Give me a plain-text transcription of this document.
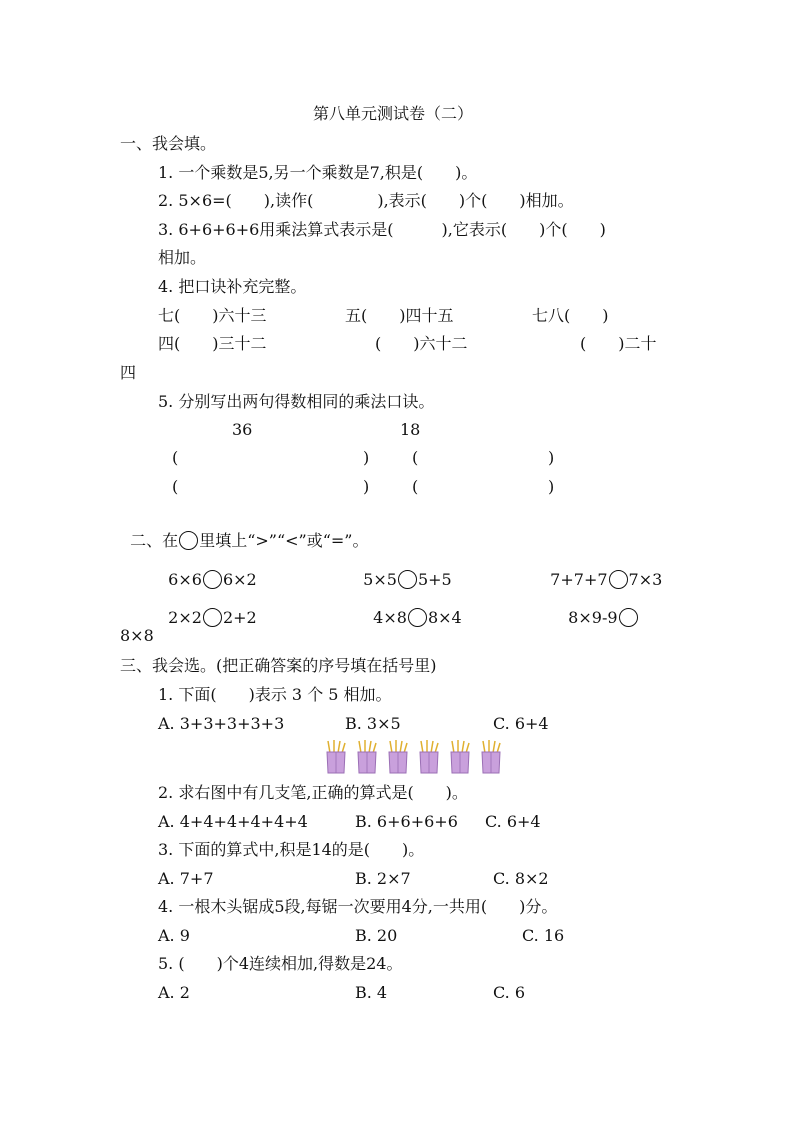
第八单元测试卷（二）
一、我会填。
1. 一个乘数是5,另一个乘数是7,积是(　　)。
2. 5×6=(　　),读作(　　　　),表示(　　)个(　　)相加。
3. 6+6+6+6用乘法算式表示是(　　　),它表示(　　)个(　　)
相加。
4. 把口诀补充完整。
七(　　)六十三	五(　　)四十五	七八(　　)
四(　　)三十二	(　　)六十二	(　　)二十
四
5. 分别写出两句得数相同的乘法口诀。
36	18
(	)	(	)
(	)	(	)

二、在 里填上“>”“<”或“=”。

6×6 6×2	5×5 5+5	7+7+7 7×3

2×2 2+2	4×8 8×4	8×9-9

8×8
三、我会选。(把正确答案的序号填在括号里)
1. 下面(　　)表示 3 个 5 相加。
A. 3+3+3+3+3	B. 3×5	C. 6+4
2. 求右图中有几支笔,正确的算式是(　　)。
A. 4+4+4+4+4+4	B. 6+6+6+6 C. 6+4
3. 下面的算式中,积是14的是(　　)。
A. 7+7	B. 2×7	C. 8×2
4. 一根木头锯成5段,每锯一次要用4分,一共用(　　)分。
A. 9	B. 20	C. 16
5. (　　)个4连续相加,得数是24。
A. 2	B. 4	C. 6
